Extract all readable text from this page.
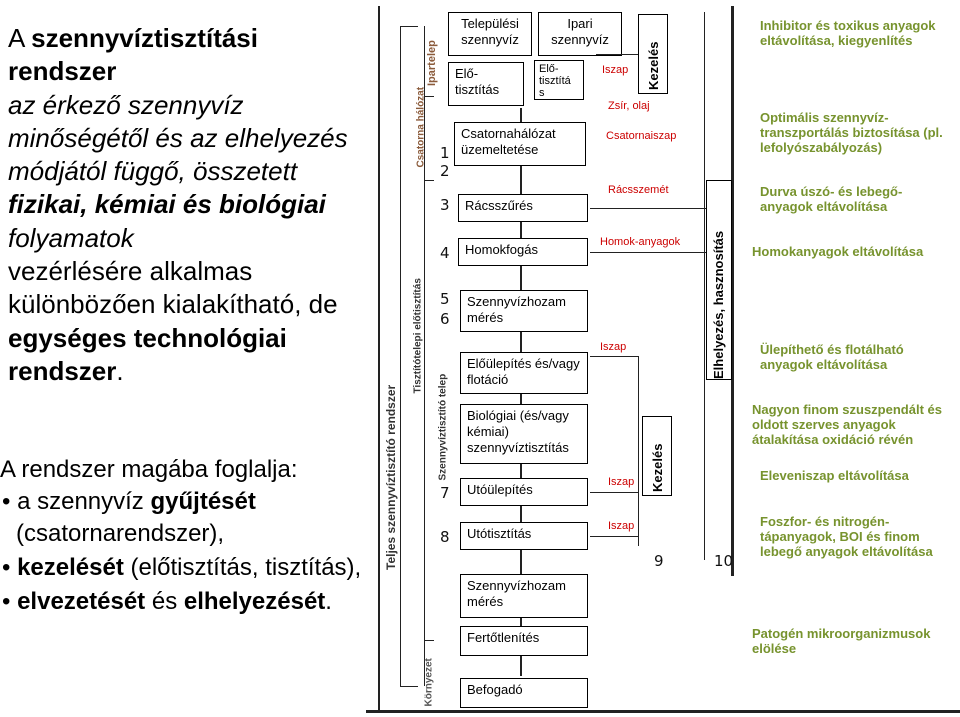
A szennyvíztisztítási rendszer
az érkező szennyvíz
minőségétől és az elhelyezés
módjától függő, összetett
fizikai, kémiai és biológiai
folyamatok
vezérlésére alkalmas
különbözően kialakítható, de
egységes technológiai
rendszer.
A rendszer magába foglalja:
• a szennyvíz gyűjtését
(csatornarendszer),
• kezelését (előtisztítás, tisztítás),
• elvezetését és elhelyezését.
Teljes szennyvíztisztító rendszer
Csatorna hálózat
Ipartelep
Tisztítótelepi előtisztítás
Szennyvíztisztító telep
Környezet
1
2
3
4
5
6
7
8
9	10
Települési szennyvíz
Ipari szennyvíz
Elő- tisztítás
Elő- tisztítá s
Csatornahálózat üzemeltetése
Rácsszűrés
Homokfogás
Szennyvízhozam mérés
Előülepítés és/vagy flotáció
Biológiai (és/vagy kémiai) szennyvíztisztítás
Utóülepítés
Utótisztítás
Szennyvízhozam mérés
Fertőtlenítés
Befogadó
Kezelés
Kezelés
Elhelyezés, hasznosítás
Iszap
Zsír, olaj
Csatornaiszap
Rácsszemét
Homok-anyagok
Iszap
Iszap
Iszap
Inhibitor és toxikus anyagok eltávolítása, kiegyenlítés
Optimális szennyvíz-transzportálás biztosítása (pl. lefolyószabályozás)
Durva úszó- és lebegő-anyagok eltávolítása
Homokanyagok eltávolítása
Ülepíthető és flotálható anyagok eltávolítása
Nagyon finom szuszpendált és oldott szerves anyagok átalakítása oxidáció révén
Eleveniszap eltávolítása
Foszfor- és nitrogén-tápanyagok, BOI és finom lebegő anyagok eltávolítása
Patogén mikroorganizmusok elölése
